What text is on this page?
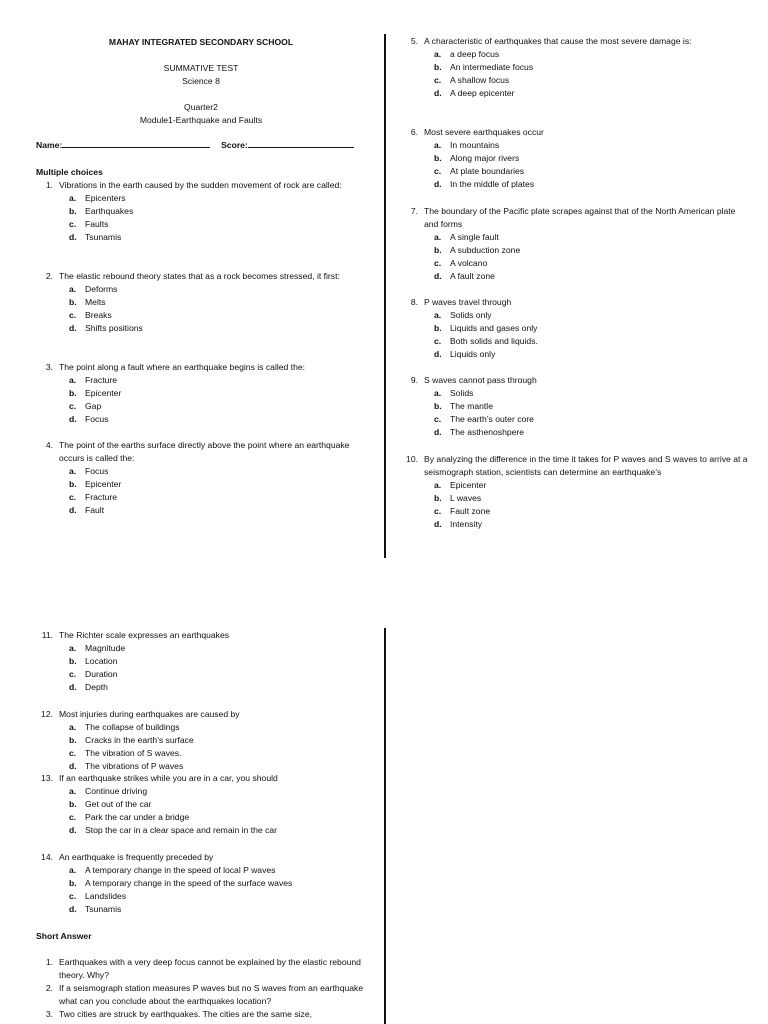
MAHAY INTEGRATED SECONDARY SCHOOL
SUMMATIVE TEST
Science 8
Quarter2
Module1-Earthquake and Faults
Name:	Score:
Multiple choices
1. Vibrations in the earth caused by the sudden movement of rock are called:
a.	Epicenters
b. Earthquakes
c.	Faults
d. Tsunamis
2. The elastic rebound theory states that as a rock becomes stressed, it first:
a.	Deforms
b. Melts
c.	Breaks
d. Shifts positions
3. The point along a fault where an earthquake begins is called the:
a.	Fracture
b. Epicenter
c.	Gap
d. Focus
4. The point of the earths surface directly above the point where an earthquake occurs is called the:
a.	Focus
b. Epicenter
c.	Fracture
d. Fault
5. A characteristic of earthquakes that cause the most severe damage is:
a.	a deep focus
b. An intermediate focus
c.	A shallow focus
d. A deep epicenter
6. Most severe earthquakes occur
a.	In mountains
b. Along major rivers
c.	At plate boundaries
d. In the middle of plates
7. The boundary of the Pacific plate scrapes against that of the North American plate and forms
a.	A single fault
b. A subduction zone
c.	A volcano
d. A fault zone
8. P waves travel through
a.	Solids only
b. Liquids and gases only
c.	Both solids and liquids.
d. Liquids only
9. S waves cannot pass through
a.	Solids
b. The mantle
c.	The earth’s outer core
d. The asthenoshpere
10. By analyzing the difference in the time it takes for P waves and S waves to arrive at a seismograph station, scientists can determine an earthquake’s
a.	Epicenter
b. L waves
c.	Fault zone
d. Intensity
11. The Richter scale expresses an earthquakes
a.	Magnitude
b. Location
c.	Duration
d. Depth
12. Most injuries during earthquakes are caused by
a.	The collapse of buildings
b. Cracks in the earth’s surface
c.	The vibration of S waves.
d. The vibrations of P waves
13. If an earthquake strikes while you are in a car, you should
a.	Continue driving
b. Get out of the car
c.	Park the car under a bridge
d. Stop the car in a clear space and remain in the car
14. An earthquake is frequently preceded by
a.	A temporary change in the speed of local P waves
b. A temporary change in the speed of the surface waves
c.	Landslides
d. Tsunamis
Short Answer
1. Earthquakes with a very deep focus cannot be explained by the elastic rebound theory. Why?
2. If a seismograph station measures P waves but no S waves from an earthquake what can you conclude about the earthquakes location?
3. Two cities are struck by earthquakes. The cities are the same size,
